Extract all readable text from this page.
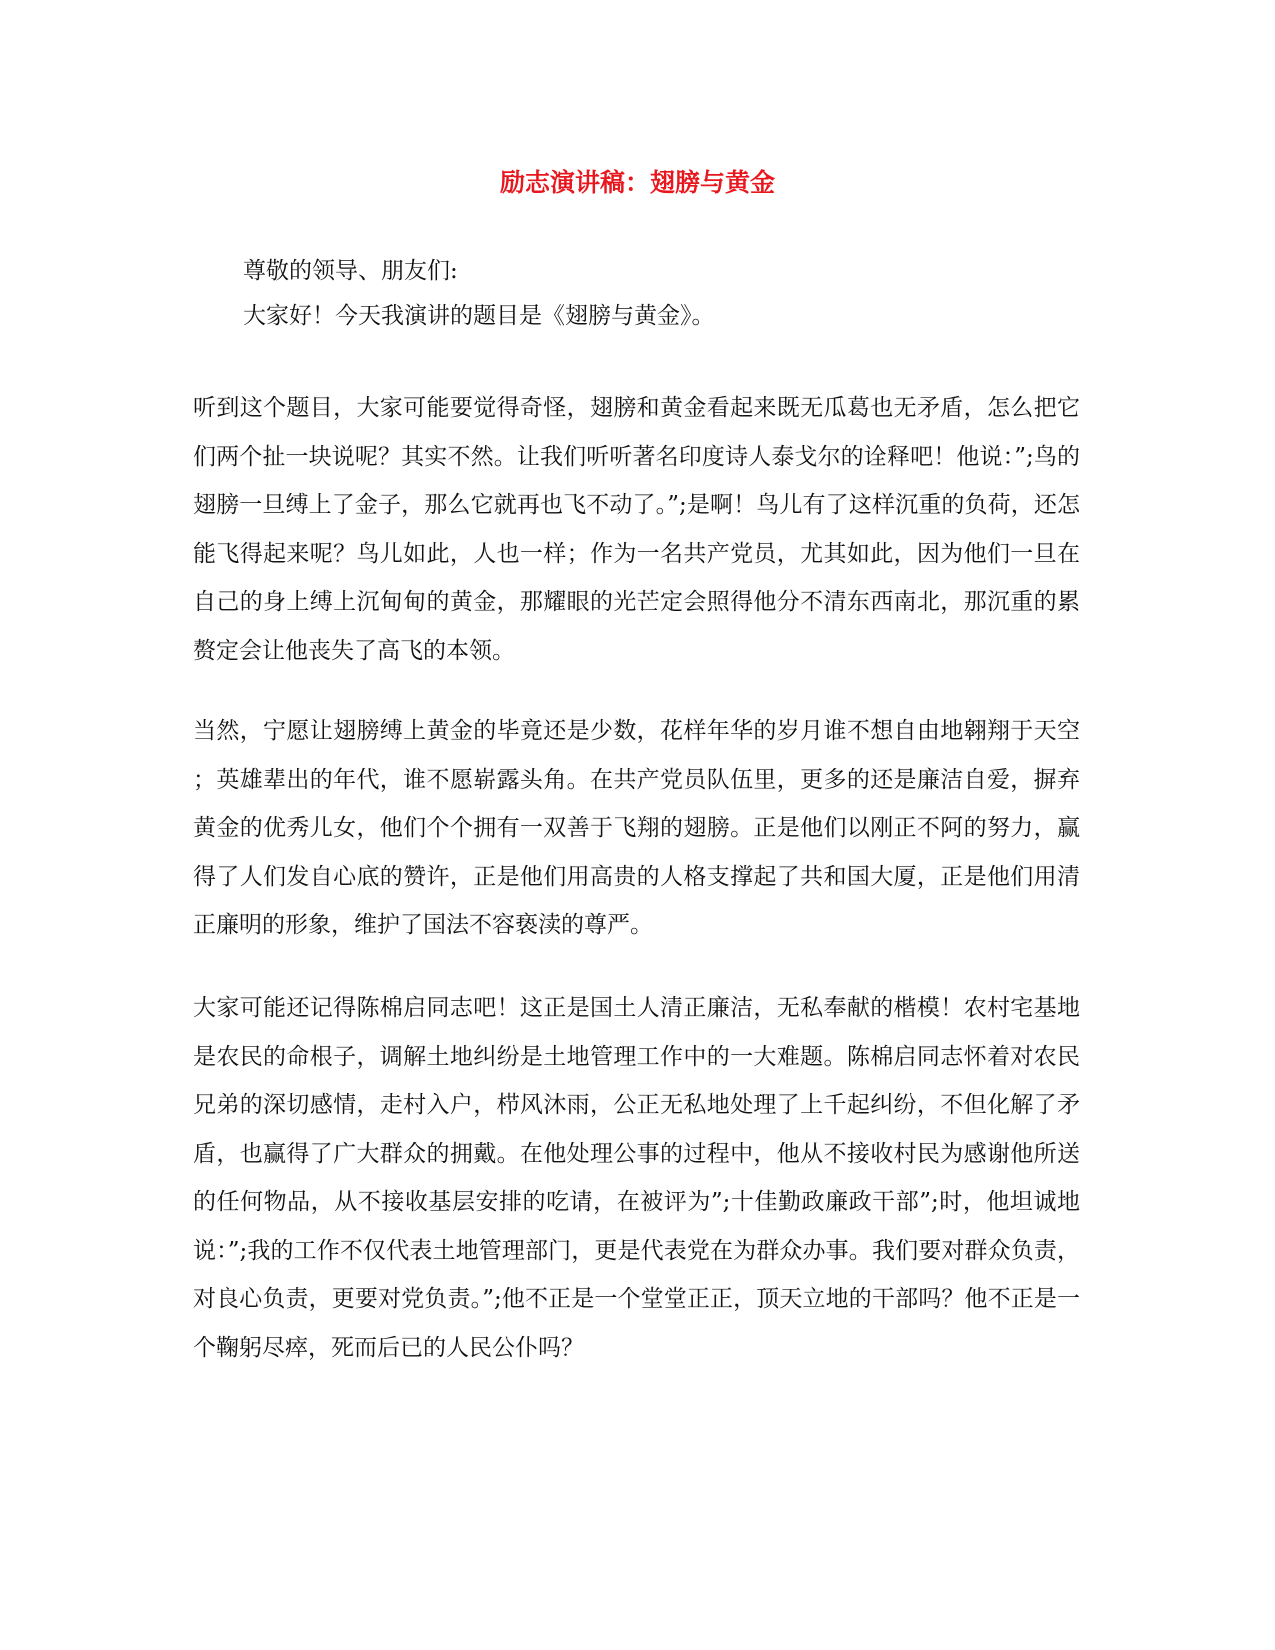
励志演讲稿：翅膀与黄金

尊敬的领导、朋友们:

大家好！今天我演讲的题目是《翅膀与黄金》。

听到这个题目，大家可能要觉得奇怪，翅膀和黄金看起来既无瓜葛也无矛盾，怎么把它们两个扯一块说呢？其实不然。让我们听听著名印度诗人泰戈尔的诠释吧！他说：”;鸟的翅膀一旦缚上了金子，那么它就再也飞不动了。”;是啊！鸟儿有了这样沉重的负荷，还怎能飞得起来呢？鸟儿如此，人也一样；作为一名共产党员，尤其如此，因为他们一旦在自己的身上缚上沉甸甸的黄金，那耀眼的光芒定会照得他分不清东西南北，那沉重的累赘定会让他丧失了高飞的本领。

当然，宁愿让翅膀缚上黄金的毕竟还是少数，花样年华的岁月谁不想自由地翱翔于天空；英雄辈出的年代，谁不愿崭露头角。在共产党员队伍里，更多的还是廉洁自爱，摒弃黄金的优秀儿女，他们个个拥有一双善于飞翔的翅膀。正是他们以刚正不阿的努力，赢得了人们发自心底的赞许，正是他们用高贵的人格支撑起了共和国大厦，正是他们用清正廉明的形象，维护了国法不容亵渎的尊严。

大家可能还记得陈棉启同志吧！这正是国土人清正廉洁，无私奉献的楷模！农村宅基地是农民的命根子，调解土地纠纷是土地管理工作中的一大难题。陈棉启同志怀着对农民兄弟的深切感情，走村入户，栉风沐雨，公正无私地处理了上千起纠纷，不但化解了矛盾，也赢得了广大群众的拥戴。在他处理公事的过程中，他从不接收村民为感谢他所送的任何物品，从不接收基层安排的吃请，在被评为”;十佳勤政廉政干部”;时，他坦诚地说：”;我的工作不仅代表土地管理部门，更是代表党在为群众办事。我们要对群众负责，对良心负责，更要对党负责。”;他不正是一个堂堂正正，顶天立地的干部吗？他不正是一个鞠躬尽瘁，死而后已的人民公仆吗？
